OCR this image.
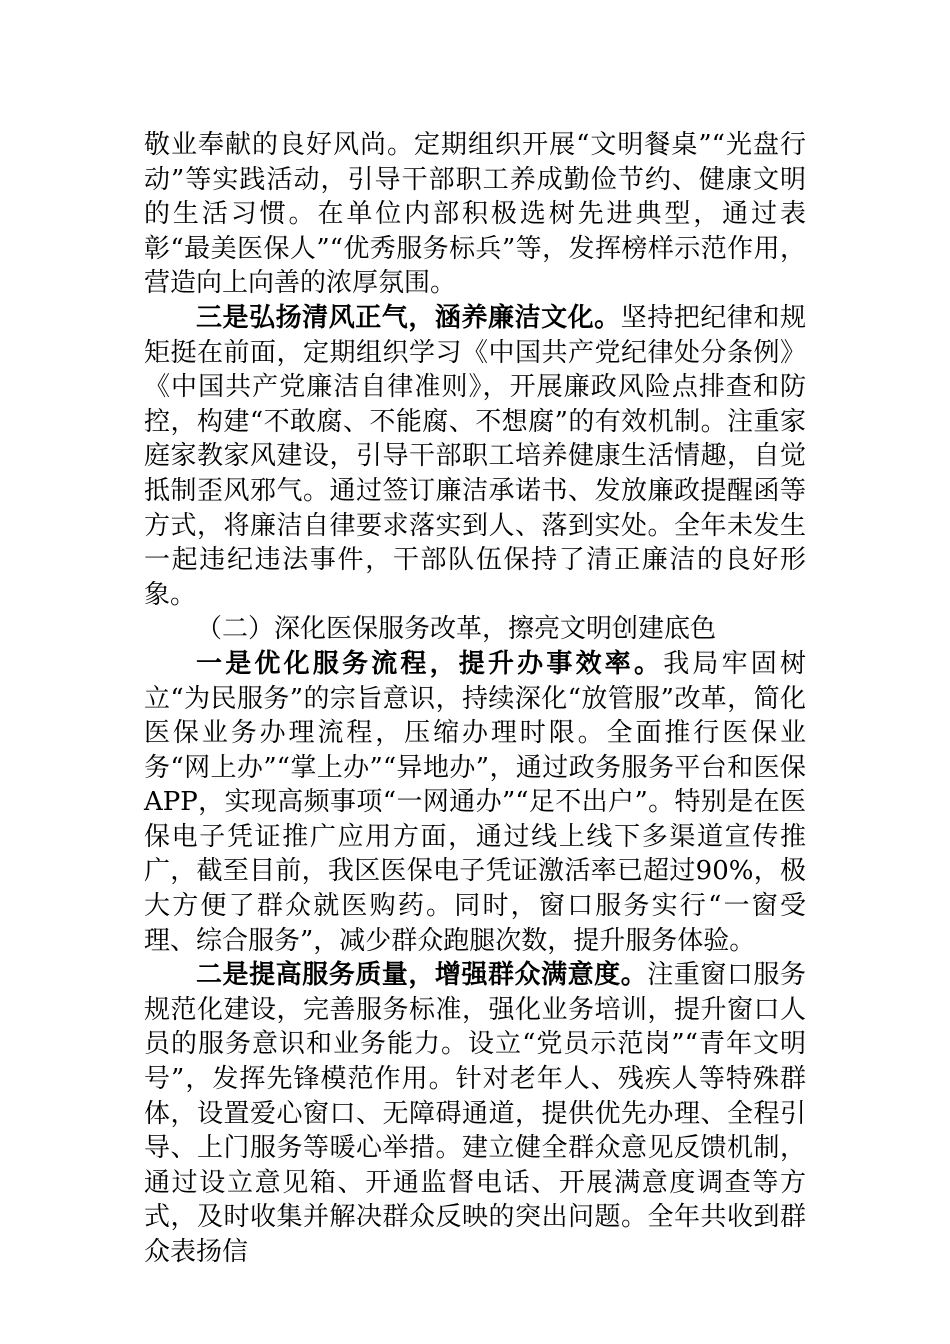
敬业奉献的良好风尚。定期组织开展“文明餐桌”“光盘行动”等实践活动，引导干部职工养成勤俭节约、健康文明的生活习惯。在单位内部积极选树先进典型，通过表彰“最美医保人”“优秀服务标兵”等，发挥榜样示范作用，营造向上向善的浓厚氛围。

三是弘扬清风正气，涵养廉洁文化。坚持把纪律和规矩挺在前面，定期组织学习《中国共产党纪律处分条例》《中国共产党廉洁自律准则》，开展廉政风险点排查和防控，构建“不敢腐、不能腐、不想腐”的有效机制。注重家庭家教家风建设，引导干部职工培养健康生活情趣，自觉抵制歪风邪气。通过签订廉洁承诺书、发放廉政提醒函等方式，将廉洁自律要求落实到人、落到实处。全年未发生一起违纪违法事件，干部队伍保持了清正廉洁的良好形象。

（二）深化医保服务改革，擦亮文明创建底色

一是优化服务流程，提升办事效率。我局牢固树立“为民服务”的宗旨意识，持续深化“放管服”改革，简化医保业务办理流程，压缩办理时限。全面推行医保业务“网上办”“掌上办”“异地办”，通过政务服务平台和医保APP，实现高频事项“一网通办”“足不出户”。特别是在医保电子凭证推广应用方面，通过线上线下多渠道宣传推广，截至目前，我区医保电子凭证激活率已超过90%，极大方便了群众就医购药。同时，窗口服务实行“一窗受理、综合服务”，减少群众跑腿次数，提升服务体验。

二是提高服务质量，增强群众满意度。注重窗口服务规范化建设，完善服务标准，强化业务培训，提升窗口人员的服务意识和业务能力。设立“党员示范岗”“青年文明号”，发挥先锋模范作用。针对老年人、残疾人等特殊群体，设置爱心窗口、无障碍通道，提供优先办理、全程引导、上门服务等暖心举措。建立健全群众意见反馈机制，通过设立意见箱、开通监督电话、开展满意度调查等方式，及时收集并解决群众反映的突出问题。全年共收到群众表扬信
